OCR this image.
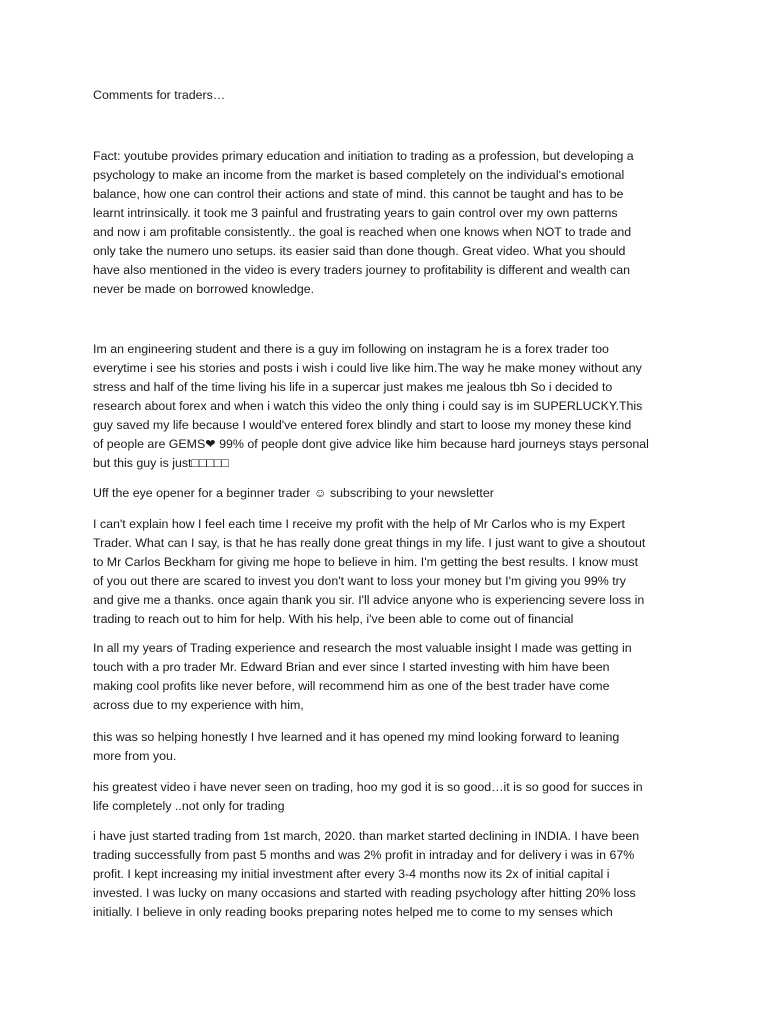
Comments for traders…

Fact: youtube provides primary education and initiation to trading as a profession, but developing a
psychology to make an income from the market is based completely on the individual's emotional
balance, how one can control their actions and state of mind. this cannot be taught and has to be
learnt intrinsically. it took me 3 painful and frustrating years to gain control over my own patterns
and now i am profitable consistently.. the goal is reached when one knows when NOT to trade and
only take the numero uno setups. its easier said than done though. Great video. What you should
have also mentioned in the video is every traders journey to profitability is different and wealth can
never be made on borrowed knowledge.

Im an engineering student and there is a guy im following on instagram he is a forex trader too
everytime i see his stories and posts i wish i could live like him.The way he make money without any
stress and half of the time living his life in a supercar just makes me jealous tbh So i decided to
research about forex and when i watch this video the only thing i could say is im SUPERLUCKY.This
guy saved my life because I would've entered forex blindly and start to loose my money these kind
of people are GEMS❤ 99% of people dont give advice like him because hard journeys stays personal
but this guy is just□□□□□

Uff the eye opener for a beginner trader ☺ subscribing to your newsletter

I can't explain how I feel each time I receive my profit with the help of Mr Carlos who is my Expert
Trader. What can I say, is that he has really done great things in my life. I just want to give a shoutout
to Mr Carlos Beckham for giving me hope to believe in him. I'm getting the best results. I know must
of you out there are scared to invest you don't want to loss your money but I'm giving you 99% try
and give me a thanks. once again thank you sir. I'll advice anyone who is experiencing severe loss in
trading to reach out to him for help. With his help, i've been able to come out of financial

In all my years of Trading experience and research the most valuable insight I made was getting in
touch with a pro trader Mr. Edward Brian and ever since I started investing with him have been
making cool profits like never before, will recommend him as one of the best trader have come
across due to my experience with him,

this was so helping honestly I hve learned and it has opened my mind looking forward to leaning
more from you.

his greatest video i have never seen on trading, hoo my god it is so good…it is so good for succes in
life completely ..not only for trading

i have just started trading from 1st march, 2020. than market started declining in INDIA. I have been
trading successfully from past 5 months and was 2% profit in intraday and for delivery i was in 67%
profit. I kept increasing my initial investment after every 3-4 months now its 2x of initial capital i
invested. I was lucky on many occasions and started with reading psychology after hitting 20% loss
initially. I believe in only reading books preparing notes helped me to come to my senses which
